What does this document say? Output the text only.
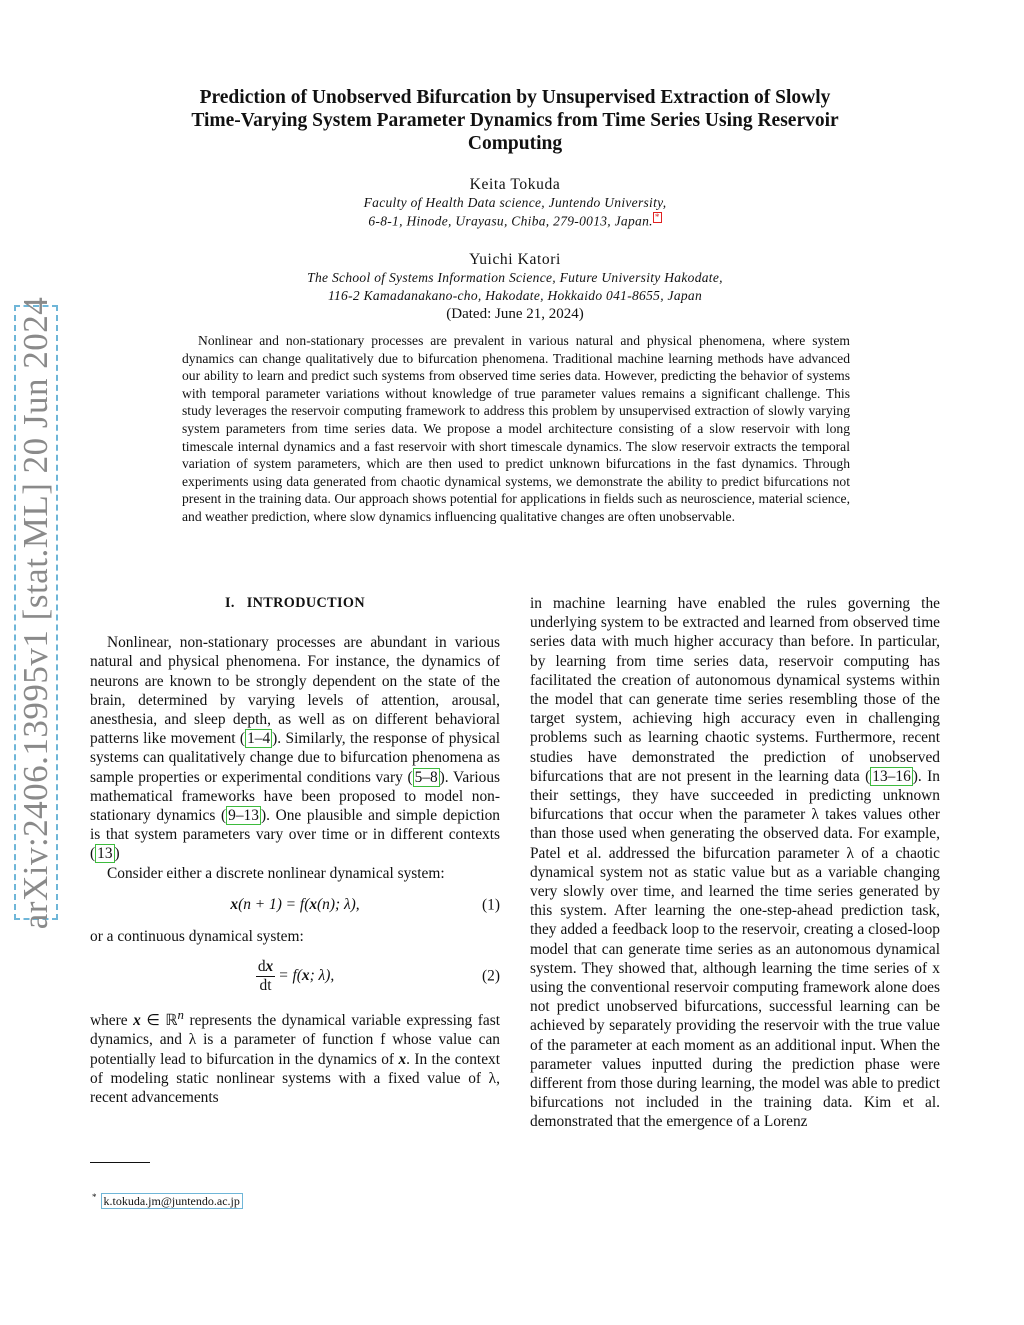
arXiv:2406.13995v1 [stat.ML] 20 Jun 2024
Prediction of Unobserved Bifurcation by Unsupervised Extraction of Slowly
Time-Varying System Parameter Dynamics from Time Series Using Reservoir
Computing
Keita Tokuda
Faculty of Health Data science, Juntendo University,
6-8-1, Hinode, Urayasu, Chiba, 279-0013, Japan. *
Yuichi Katori
The School of Systems Information Science, Future University Hakodate,
116-2 Kamadanakano-cho, Hakodate, Hokkaido 041-8655, Japan
(Dated: June 21, 2024)
Nonlinear and non-stationary processes are prevalent in various natural and physical phenomena, where system dynamics can change qualitatively due to bifurcation phenomena. Traditional machine learning methods have advanced our ability to learn and predict such systems from observed time series data. However, predicting the behavior of systems with temporal parameter variations without knowledge of true parameter values remains a significant challenge. This study leverages the reservoir computing framework to address this problem by unsupervised extraction of slowly varying system parameters from time series data. We propose a model architecture consisting of a slow reservoir with long timescale internal dynamics and a fast reservoir with short timescale dynamics. The slow reservoir extracts the temporal variation of system parameters, which are then used to predict unknown bifurcations in the fast dynamics. Through experiments using data generated from chaotic dynamical systems, we demonstrate the ability to predict bifurcations not present in the training data. Our approach shows potential for applications in fields such as neuroscience, material science, and weather prediction, where slow dynamics influencing qualitative changes are often unobservable.
I. INTRODUCTION

Nonlinear, non-stationary processes are abundant in various natural and physical phenomena. For instance, the dynamics of neurons are known to be strongly dependent on the state of the brain, determined by varying levels of attention, arousal, anesthesia, and sleep depth, as well as on different behavioral patterns like movement ( 1–4 ). Similarly, the response of physical systems can qualitatively change due to bifurcation phenomena as sample properties or experimental conditions vary ( 5–8 ). Various mathematical frameworks have been proposed to model non-stationary dynamics ( 9–13 ). One plausible and simple depiction is that system parameters vary over time or in different contexts ( 13 )

Consider either a discrete nonlinear dynamical system:

x(n + 1) = f(x(n); λ),	(1)

or a continuous dynamical system:

$\frac{dx}{dt} = f$( x ; λ),	(2)

where x ∈ ℝ$^n$ represents the dynamical variable expressing fast dynamics, and λ is a parameter of function f whose value can potentially lead to bifurcation in the dynamics of x. In the context of modeling static nonlinear systems with a fixed value of λ, recent advancements

in machine learning have enabled the rules governing the underlying system to be extracted and learned from observed time series data with much higher accuracy than before. In particular, by learning from time series data, reservoir computing has facilitated the creation of autonomous dynamical systems within the model that can generate time series resembling those of the target system, achieving high accuracy even in challenging problems such as learning chaotic systems. Furthermore, recent studies have demonstrated the prediction of unobserved bifurcations that are not present in the learning data ( 13–16 ). In their settings, they have succeeded in predicting unknown bifurcations that occur when the parameter λ takes values other than those used when generating the observed data. For example, Patel et al. addressed the bifurcation parameter λ of a chaotic dynamical system not as static value but as a variable changing very slowly over time, and learned the time series generated by this system. After learning the one-step-ahead prediction task, they added a feedback loop to the reservoir, creating a closed-loop model that can generate time series as an autonomous dynamical system. They showed that, although learning the time series of x using the conventional reservoir computing framework alone does not predict unobserved bifurcations, successful learning can be achieved by separately providing the reservoir with the true value of the parameter at each moment as an additional input. When the parameter values inputted during the prediction phase were different from those during learning, the model was able to predict bifurcations not included in the training data. Kim et al. demonstrated that the emergence of a Lorenz

* k.tokuda.jm@juntendo.ac.jp
